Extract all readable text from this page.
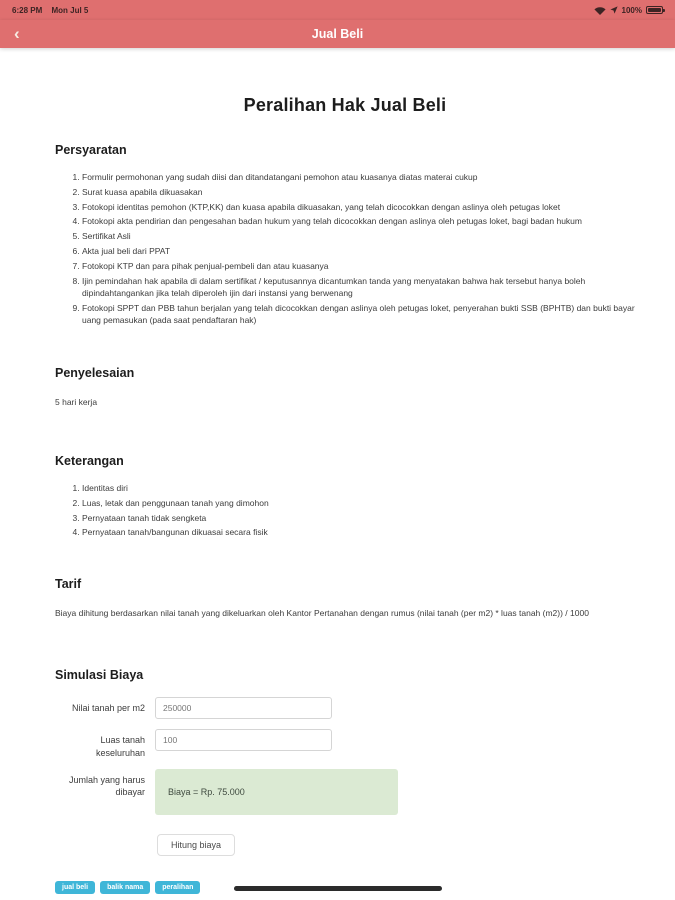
6:28 PM Mon Jul 5	100%
‹	Jual Beli
Peralihan Hak Jual Beli
Persyaratan
1. Formulir permohonan yang sudah diisi dan ditandatangani pemohon atau kuasanya diatas materai cukup
2. Surat kuasa apabila dikuasakan
3. Fotokopi identitas pemohon (KTP,KK) dan kuasa apabila dikuasakan, yang telah dicocokkan dengan aslinya oleh petugas loket
4. Fotokopi akta pendirian dan pengesahan badan hukum yang telah dicocokkan dengan aslinya oleh petugas loket, bagi badan hukum
5. Sertifikat Asli
6. Akta jual beli dari PPAT
7. Fotokopi KTP dan para pihak penjual-pembeli dan atau kuasanya
8. Ijin pemindahan hak apabila di dalam sertifikat / keputusannya dicantumkan tanda yang menyatakan bahwa hak tersebut hanya boleh dipindahtangankan jika telah diperoleh ijin dari instansi yang berwenang
9. Fotokopi SPPT dan PBB tahun berjalan yang telah dicocokkan dengan aslinya oleh petugas loket, penyerahan bukti SSB (BPHTB) dan bukti bayar uang pemasukan (pada saat pendaftaran hak)
Penyelesaian

5 hari kerja

Keterangan
1. Identitas diri
2. Luas, letak dan penggunaan tanah yang dimohon
3. Pernyataan tanah tidak sengketa
4. Pernyataan tanah/bangunan dikuasai secara fisik
Tarif

Biaya dihitung berdasarkan nilai tanah yang dikeluarkan oleh Kantor Pertanahan dengan rumus (nilai tanah (per m2) * luas tanah (m2)) / 1000

Simulasi Biaya
Nilai tanah per m2
250000
Luas tanah keseluruhan
100
Jumlah yang harus dibayar	Biaya = Rp. 75.000
Hitung biaya
jual beli	balik nama	peralihan
